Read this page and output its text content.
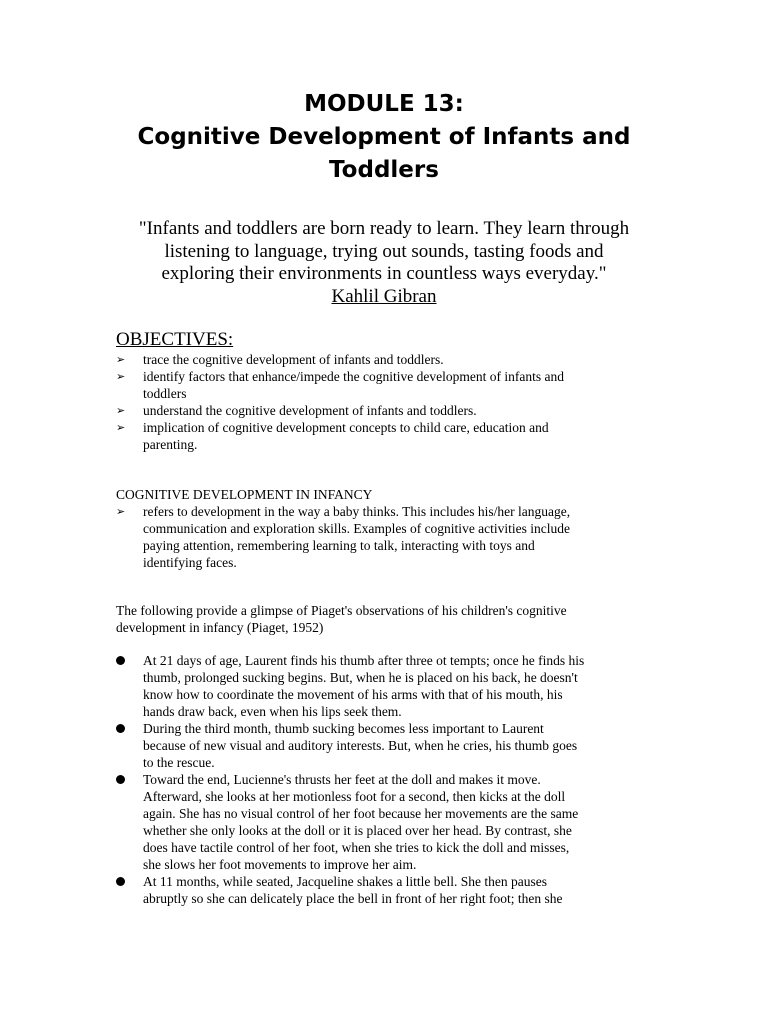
MODULE 13:
Cognitive Development of Infants and
Toddlers
"Infants and toddlers are born ready to learn. They learn through
listening to language, trying out sounds, tasting foods and
exploring their environments in countless ways everyday."
Kahlil Gibran
OBJECTIVES:
➢	trace the cognitive development of infants and toddlers.
➢	identify factors that enhance/impede the cognitive development of infants and
toddlers
➢	understand the cognitive development of infants and toddlers.
➢	implication of cognitive development concepts to child care, education and
parenting.
COGNITIVE DEVELOPMENT IN INFANCY
➢	refers to development in the way a baby thinks. This includes his/her language,
communication and exploration skills. Examples of cognitive activities include
paying attention, remembering learning to talk, interacting with toys and
identifying faces.
The following provide a glimpse of Piaget's observations of his children's cognitive
development in infancy (Piaget, 1952)
At 21 days of age, Laurent finds his thumb after three ot tempts; once he finds his
thumb, prolonged sucking begins. But, when he is placed on his back, he doesn't
know how to coordinate the movement of his arms with that of his mouth, his
hands draw back, even when his lips seek them.
During the third month, thumb sucking becomes less important to Laurent
because of new visual and auditory interests. But, when he cries, his thumb goes
to the rescue.
Toward the end, Lucienne's thrusts her feet at the doll and makes it move.
Afterward, she looks at her motionless foot for a second, then kicks at the doll
again. She has no visual control of her foot because her movements are the same
whether she only looks at the doll or it is placed over her head. By contrast, she
does have tactile control of her foot, when she tries to kick the doll and misses,
she slows her foot movements to improve her aim.
At 11 months, while seated, Jacqueline shakes a little bell. She then pauses
abruptly so she can delicately place the bell in front of her right foot; then she
